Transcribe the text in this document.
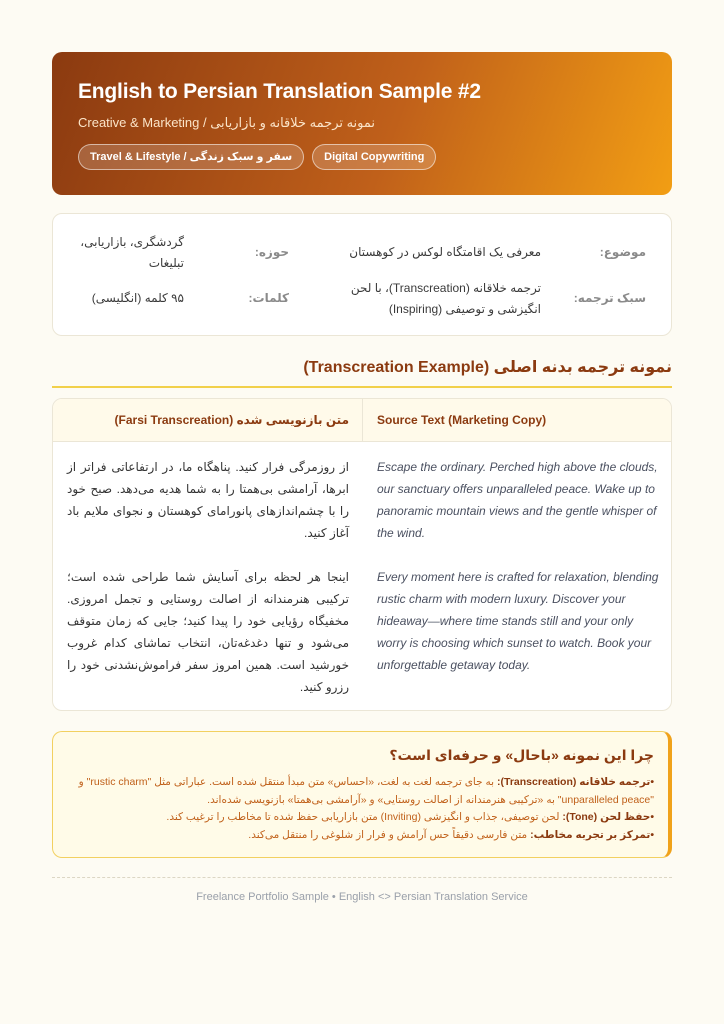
English to Persian Translation Sample #2
Creative & Marketing / نمونه ترجمه خلاقانه و بازاریابی
Travel & Lifestyle / سفر و سبک زندگی	Digital Copywriting
موضوع:
معرفی یک اقامتگاه لوکس در کوهستان
حوزه:
گردشگری، بازاریابی، تبلیغات
سبک ترجمه:
ترجمه خلاقانه (Transcreation)، با لحن انگیزشی و توصیفی (Inspiring)
کلمات:
۹۵ کلمه (انگلیسی)
نمونه ترجمه بدنه اصلی (Transcreation Example)
Source Text (Marketing Copy)
متن بازنویسی شده (Farsi Transcreation)

Escape the ordinary. Perched high above the clouds, our sanctuary offers unparalleled peace. Wake up to panoramic mountain views and the gentle whisper of the wind.

Every moment here is crafted for relaxation, blending rustic charm with modern luxury. Discover your hideaway—where time stands still and your only worry is choosing which sunset to watch. Book your unforgettable getaway today.

از روزمرگی فرار کنید. پناهگاه ما، در ارتفاعاتی فراتر از ابرها، آرامشی بی‌همتا را به شما هدیه می‌دهد. صبح خود را با چشم‌اندازهای پانورامای کوهستان و نجوای ملایم باد آغاز کنید.

اینجا هر لحظه برای آسایش شما طراحی شده است؛ ترکیبی هنرمندانه از اصالت روستایی و تجمل امروزی. مخفیگاه رؤیایی خود را پیدا کنید؛ جایی که زمان متوقف می‌شود و تنها دغدغه‌تان، انتخاب تماشای کدام غروب خورشید است. همین امروز سفر فراموش‌نشدنی خود را رزرو کنید.

چرا این نمونه «باحال» و حرفه‌ای است؟
•ترجمه خلاقانه (Transcreation): به جای ترجمه لغت به لغت، «احساس» متن مبدأ منتقل شده است. عباراتی مثل "rustic charm" و "unparalleled peace" به «ترکیبی هنرمندانه از اصالت روستایی» و «آرامشی بی‌همتا» بازنویسی شده‌اند.
•حفظ لحن (Tone): لحن توصیفی، جذاب و انگیزشی (Inviting) متن بازاریابی حفظ شده تا مخاطب را ترغیب کند.
•تمرکز بر تجربه مخاطب: متن فارسی دقیقاً حس آرامش و فرار از شلوغی را منتقل می‌کند.
Freelance Portfolio Sample • English <> Persian Translation Service
